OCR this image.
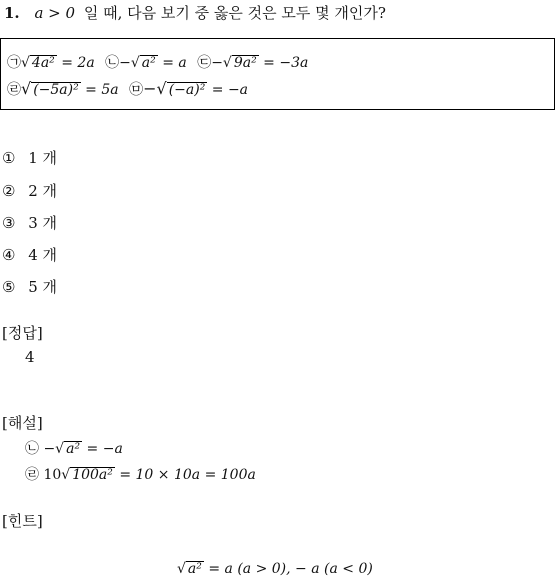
1. a > 0 일 때, 다음 보기 중 옳은 것은 모두 몇 개인가?
㉠√ 4a² = 2a ㉡−√ a² = a ㉢−√ 9a² = −3a
㉣√ (−5a)² = 5a ㉤−√ (−a)² = −a
① 1 개
② 2 개
③ 3 개
④ 4 개
⑤ 5 개
[정답]
4
[해설]
㉡ −√ a² = −a
㉣ 10√ 100a² = 10 × 10a = 100a
[힌트]
√ a² = a (a > 0), − a (a < 0)
